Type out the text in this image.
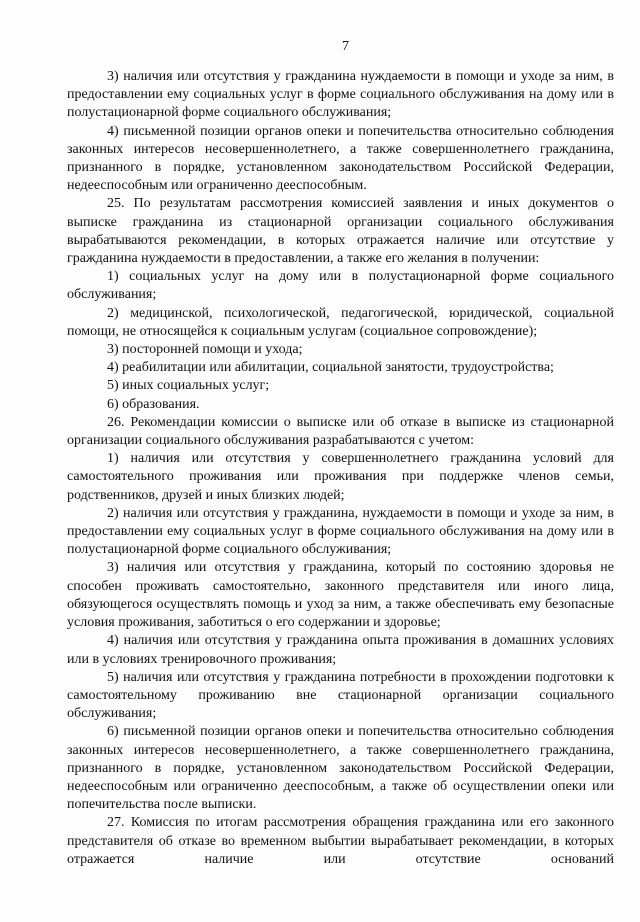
7

3) наличия или отсутствия у гражданина нуждаемости в помощи и уходе за ним, в предоставлении ему социальных услуг в форме социального обслуживания на дому или в полустационарной форме социального обслуживания;

4) письменной позиции органов опеки и попечительства относительно соблюдения законных интересов несовершеннолетнего, а также совершеннолетнего гражданина, признанного в порядке, установленном законодательством Российской Федерации, недееспособным или ограниченно дееспособным.

25. По результатам рассмотрения комиссией заявления и иных документов о выписке гражданина из стационарной организации социального обслуживания вырабатываются рекомендации, в которых отражается наличие или отсутствие у гражданина нуждаемости в предоставлении, а также его желания в получении:

1) социальных услуг на дому или в полустационарной форме социального обслуживания;

2) медицинской, психологической, педагогической, юридической, социальной помощи, не относящейся к социальным услугам (социальное сопровождение);

3) посторонней помощи и ухода;

4) реабилитации или абилитации, социальной занятости, трудоустройства;

5) иных социальных услуг;

6) образования.

26. Рекомендации комиссии о выписке или об отказе в выписке из стационарной организации социального обслуживания разрабатываются с учетом:

1) наличия или отсутствия у совершеннолетнего гражданина условий для самостоятельного проживания или проживания при поддержке членов семьи, родственников, друзей и иных близких людей;

2) наличия или отсутствия у гражданина, нуждаемости в помощи и уходе за ним, в предоставлении ему социальных услуг в форме социального обслуживания на дому или в полустационарной форме социального обслуживания;

3) наличия или отсутствия у гражданина, который по состоянию здоровья не способен проживать самостоятельно, законного представителя или иного лица, обязующегося осуществлять помощь и уход за ним, а также обеспечивать ему безопасные условия проживания, заботиться о его содержании и здоровье;

4) наличия или отсутствия у гражданина опыта проживания в домашних условиях или в условиях тренировочного проживания;

5) наличия или отсутствия у гражданина потребности в прохождении подготовки к самостоятельному проживанию вне стационарной организации социального обслуживания;

6) письменной позиции органов опеки и попечительства относительно соблюдения законных интересов несовершеннолетнего, а также совершеннолетнего гражданина, признанного в порядке, установленном законодательством Российской Федерации, недееспособным или ограниченно дееспособным, а также об осуществлении опеки или попечительства после выписки.

27. Комиссия по итогам рассмотрения обращения гражданина или его законного представителя об отказе во временном выбытии вырабатывает рекомендации, в которых отражается наличие или отсутствие оснований
